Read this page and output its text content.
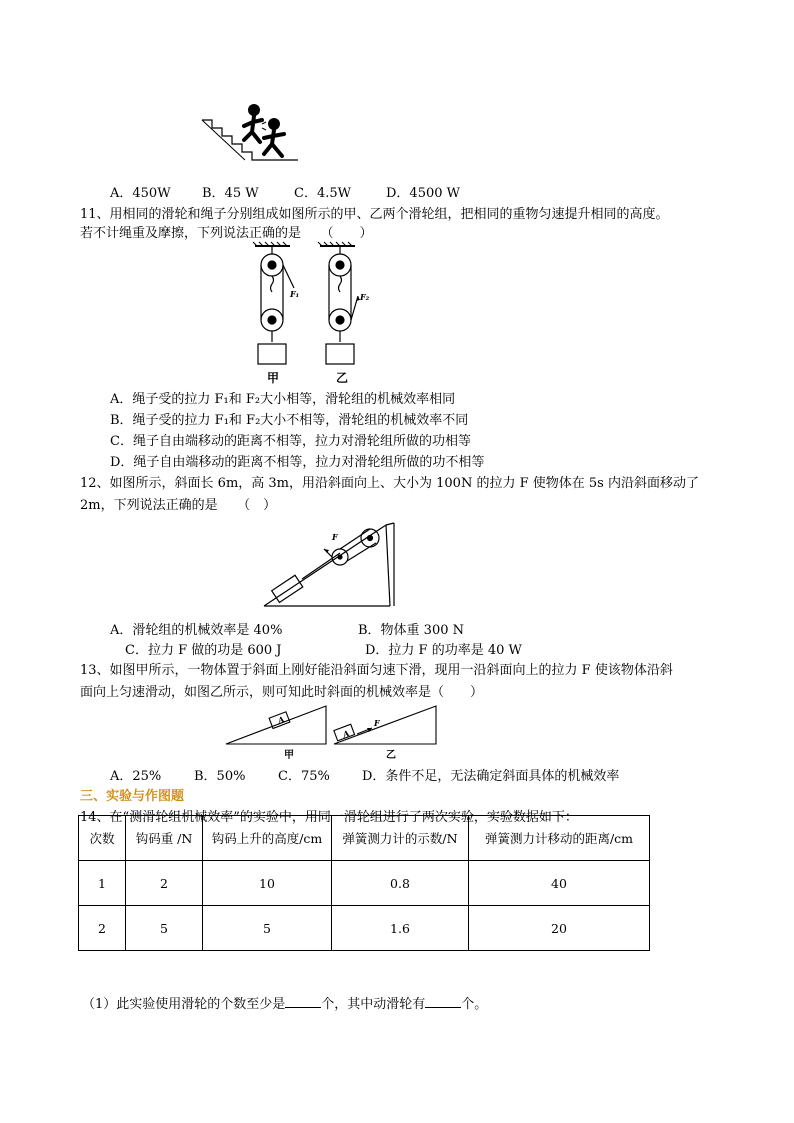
A．450W B．45 W	C．4.5W	D．4500 W
11、用相同的滑轮和绳子分别组成如图所示的甲、乙两个滑轮组，把相同的重物匀速提升相同的高度。
若不计绳重及摩擦，下列说法正确的是　　（　　）
F₁	F₂
甲	乙
A．绳子受的拉力 F₁和 F₂大小相等，滑轮组的机械效率相同
B．绳子受的拉力 F₁和 F₂大小不相等，滑轮组的机械效率不同
C．绳子自由端移动的距离不相等，拉力对滑轮组所做的功相等
D．绳子自由端移动的距离不相等，拉力对滑轮组所做的功不相等
12、如图所示，斜面长 6m，高 3m，用沿斜面向上、大小为 100N 的拉力 F 使物体在 5s 内沿斜面移动了
2m，下列说法正确的是　　（　）
F
A．滑轮组的机械效率是 40%	B．物体重 300 N
C．拉力 F 做的功是 600 J	D．拉力 F 的功率是 40 W
13、如图甲所示，一物体置于斜面上刚好能沿斜面匀速下滑，现用一沿斜面向上的拉力 F 使该物体沿斜
面向上匀速滑动，如图乙所示，则可知此时斜面的机械效率是（　　）
A
A
F
甲	乙
A．25%	B．50%	C．75% D．条件不足，无法确定斜面具体的机械效率
三、实验与作图题
14、在“测滑轮组机械效率”的实验中，用同一滑轮组进行了两次实验，实验数据如下：
次数	钩码重 /N	钩码上升的高度/cm	弹簧测力计的示数/N	弹簧测力计移动的距离/cm
1	2	10	0.8	40
2	5	5	1.6	20
（1）此实验使用滑轮的个数至少是	个，其中动滑轮有	个。
